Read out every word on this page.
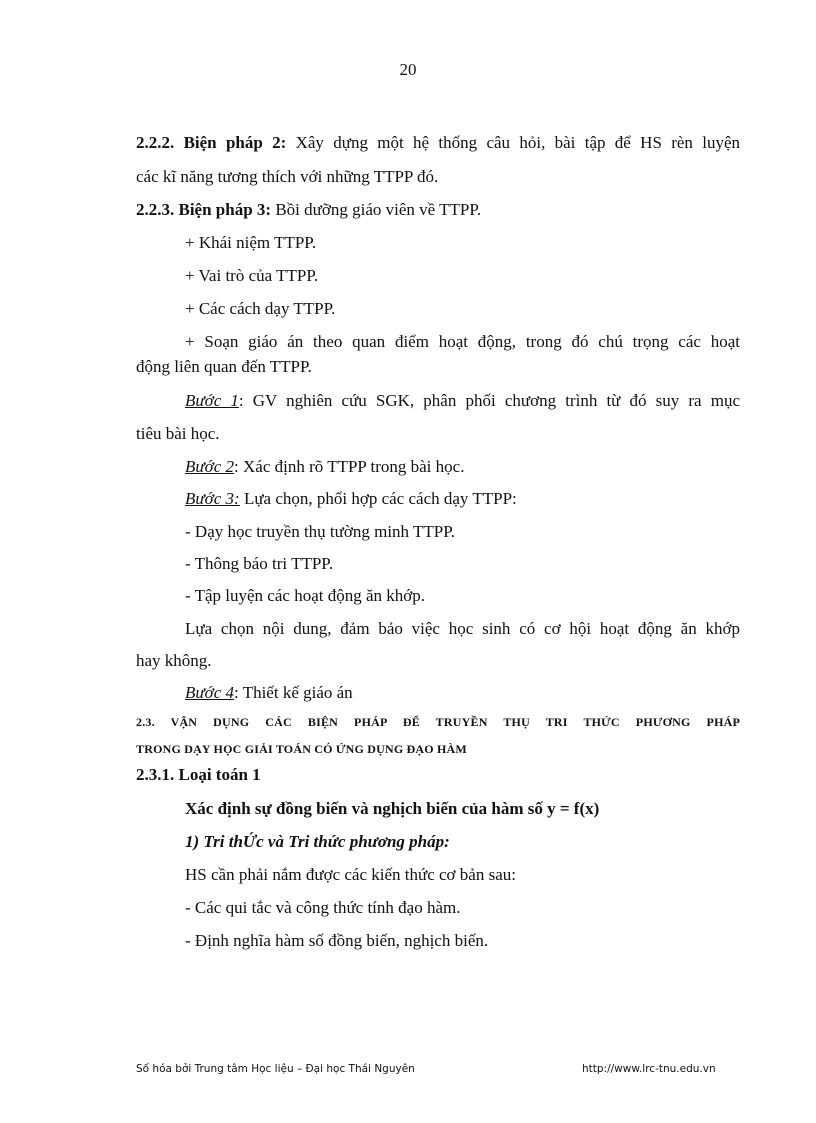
20
2.2.2. Biện pháp 2: Xây dựng một hệ thống câu hỏi, bài tập để HS rèn luyện
các kĩ năng tương thích với những TTPP đó.
2.2.3. Biện pháp 3: Bồi dưỡng giáo viên về TTPP.
+ Khái niệm TTPP.
+ Vai trò của TTPP.
+ Các cách dạy TTPP.
+ Soạn giáo án theo quan điểm hoạt động, trong đó chú trọng các hoạt
động liên quan đến TTPP.
Bước 1: GV nghiên cứu SGK, phân phối chương trình từ đó suy ra mục
tiêu bài học.
Bước 2: Xác định rõ TTPP trong bài học.
Bước 3: Lựa chọn, phối hợp các cách dạy TTPP:
- Dạy học truyền thụ tường minh TTPP.
- Thông báo tri TTPP.
- Tập luyện các hoạt động ăn khớp.
Lựa chọn nội dung, đảm bảo việc học sinh có cơ hội hoạt động ăn khớp
hay không.
Bước 4: Thiết kế giáo án
2.3. VẬN DỤNG CÁC BIỆN PHÁP ĐỂ TRUYỀN THỤ TRI THỨC PHƯƠNG PHÁP
TRONG DẠY HỌC GIẢI TOÁN CÓ ỨNG DỤNG ĐẠO HÀM
2.3.1. Loại toán 1
Xác định sự đồng biến và nghịch biến của hàm số y = f(x)
1) Tri thỨc và Tri thức phương pháp:
HS cần phải nắm được các kiến thức cơ bản sau:
- Các qui tắc và công thức tính đạo hàm.
- Định nghĩa hàm số đồng biến, nghịch biến.
Số hóa bởi Trung tâm Học liệu – Đại học Thái Nguyên	http://www.lrc-tnu.edu.vn
